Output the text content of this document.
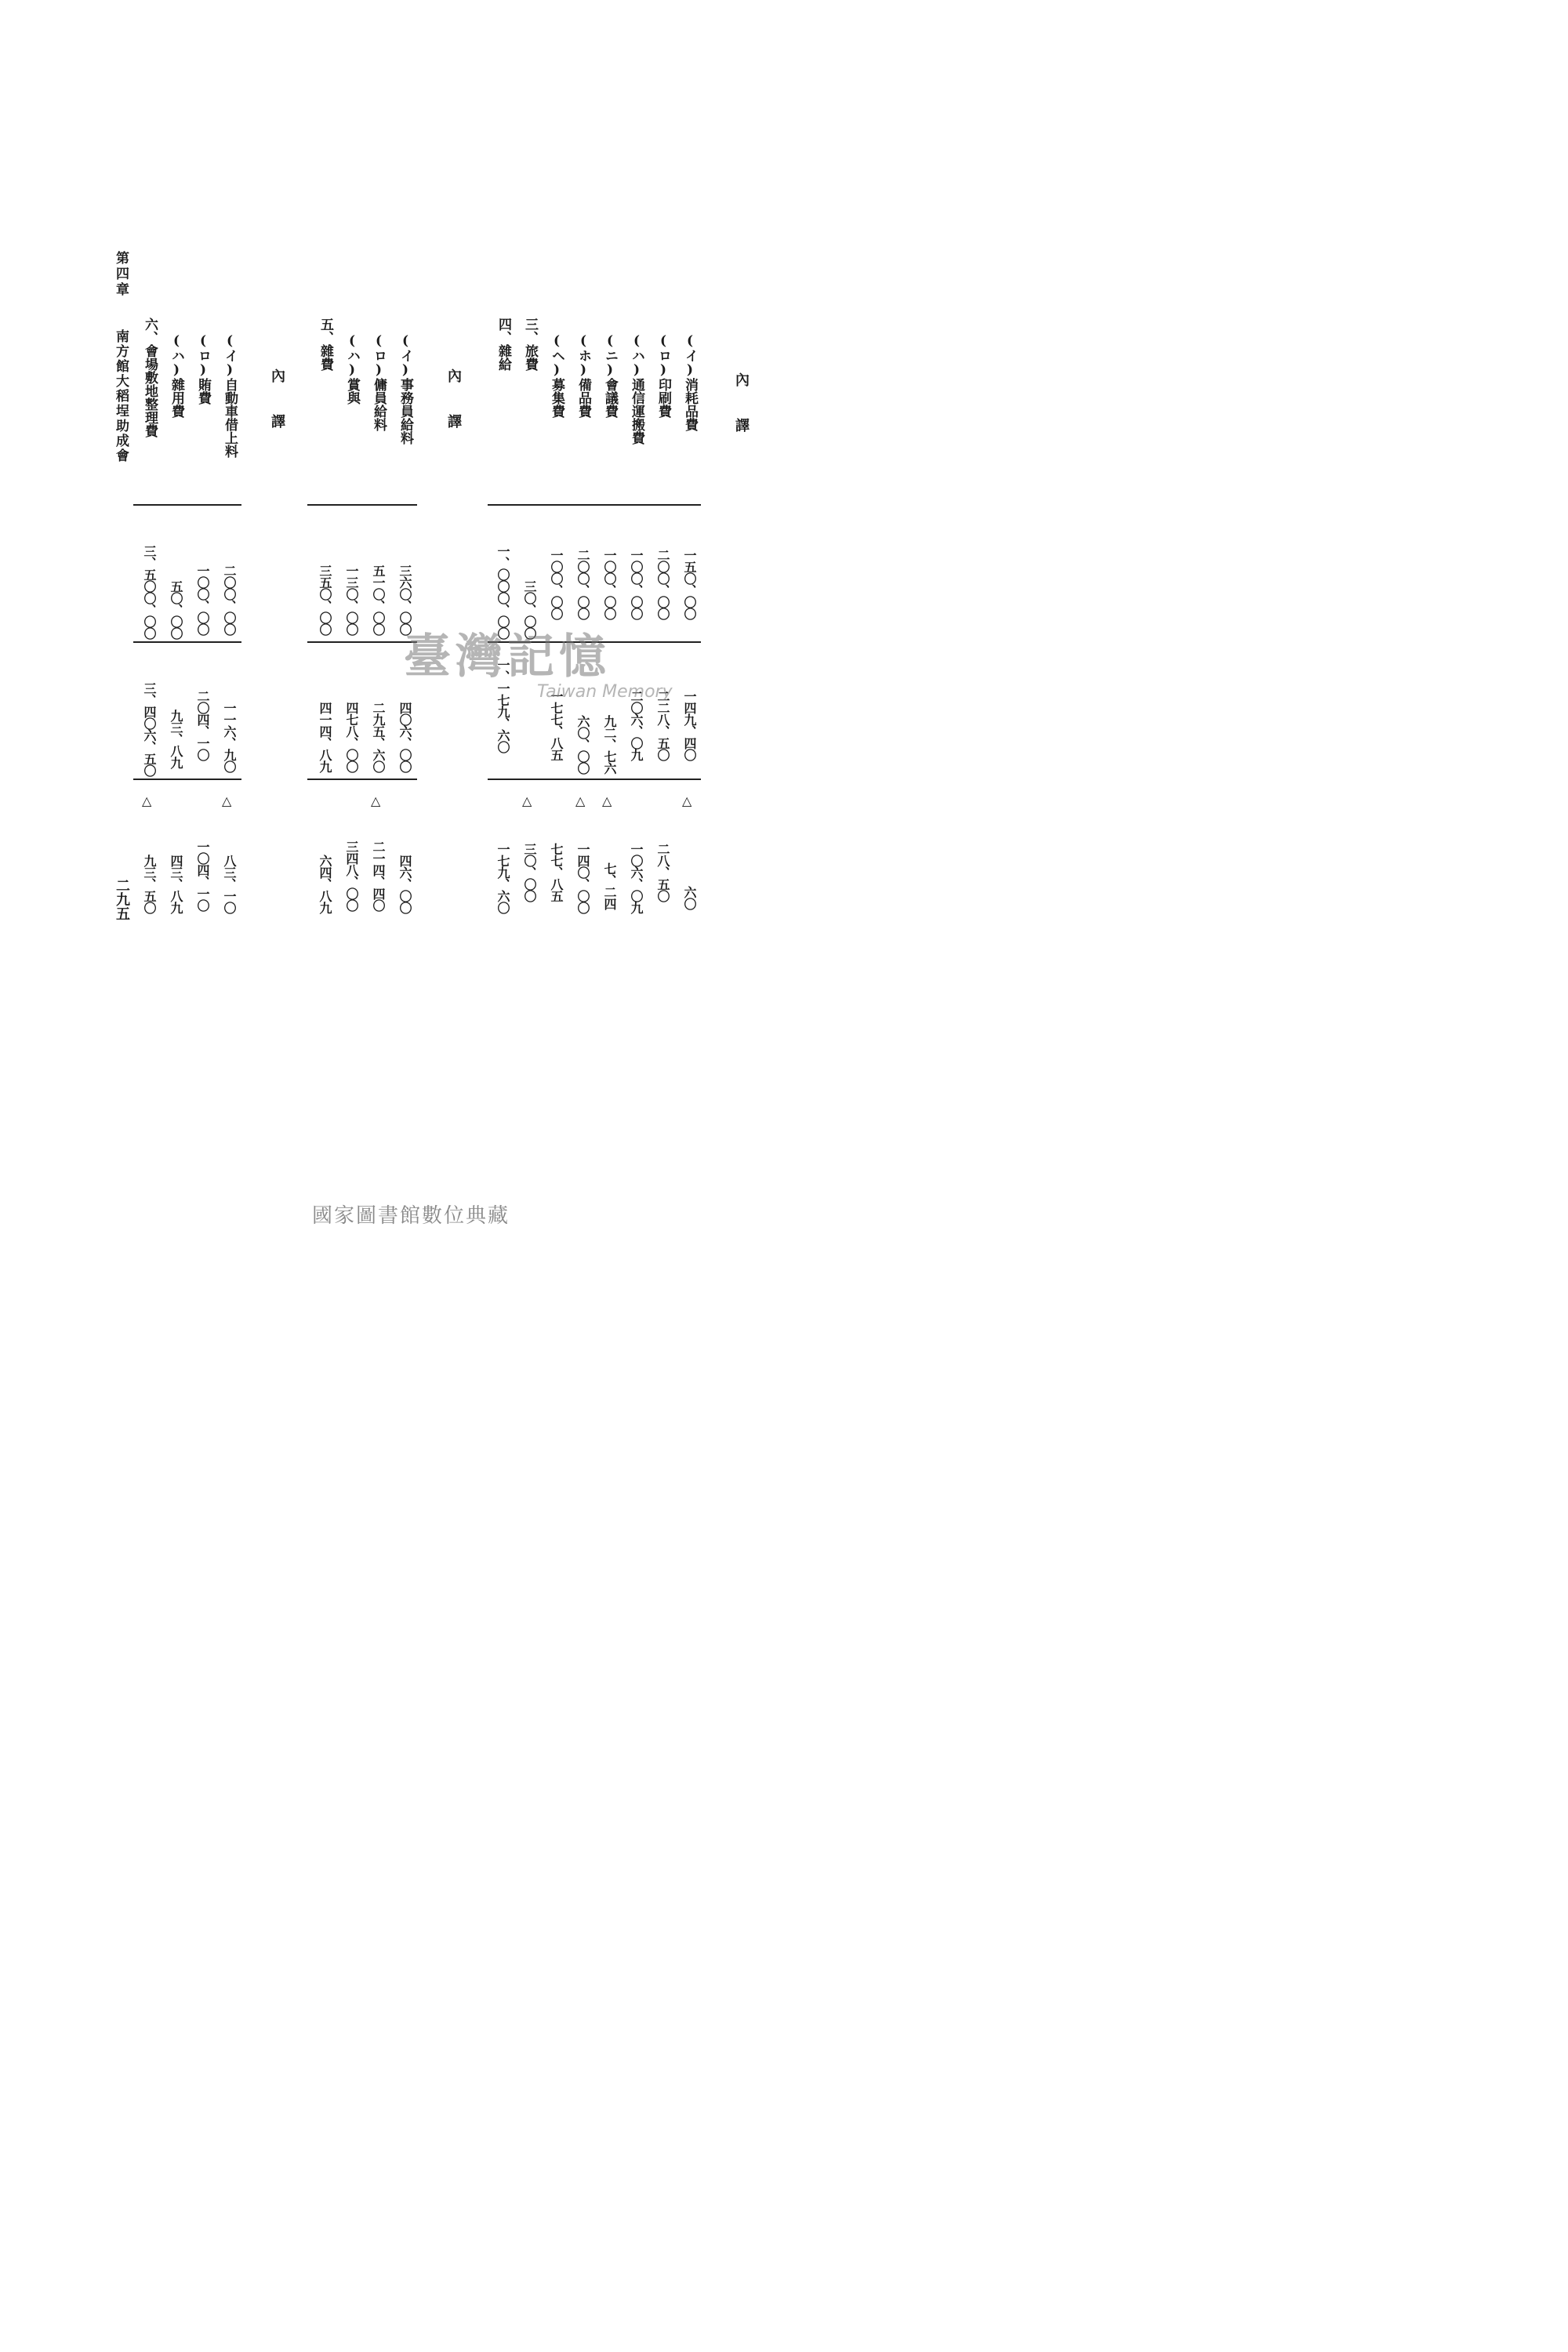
第四章
南方館大稻埕助成會
二九五
內譯
內譯
內譯	(イ)消耗品費
一五〇、〇〇
一四九、四〇
△
六〇
(ロ)印刷費
二〇〇、〇〇
二二八、五〇
二八、五〇
(ハ)通信運搬費
一〇〇、〇〇
二〇六、〇九
一〇六、〇九
(ニ)會議費
一〇〇、〇〇
九二、七六
△
七、二四
(ホ)備品費
二〇〇、〇〇
六〇、〇〇
△
一四〇、〇〇
(ヘ)募集費
一〇〇、〇〇
一七七、八五
七七、八五
三、旅費
三〇、〇〇
△
三〇、〇〇
四、雜給
一、〇〇〇、〇〇
一、一七九、六〇
一七九、六〇
(イ)事務員給料
三六〇、〇〇
四〇六、〇〇
四六、〇〇
(ロ)傭員給料
五一〇、〇〇
二九五、六〇
△
二一四、四〇
(ハ)賞與
一三〇、〇〇
四七八、〇〇
三四八、〇〇
五、雜費
三五〇、〇〇
四一四、八九
六四、八九
(イ)自動車借上料
二〇〇、〇〇
一一六、九〇
△
八三、一〇
(ロ)賄費
一〇〇、〇〇
二〇四、一〇
一〇四、一〇
(ハ)雜用費
五〇、〇〇
九三、八九
四三、八九
六、會場敷地整理費
三、五〇〇、〇〇
三、四〇六、五〇
△
九三、五〇
臺灣記憶
Taiwan Memory
國家圖書館數位典藏
